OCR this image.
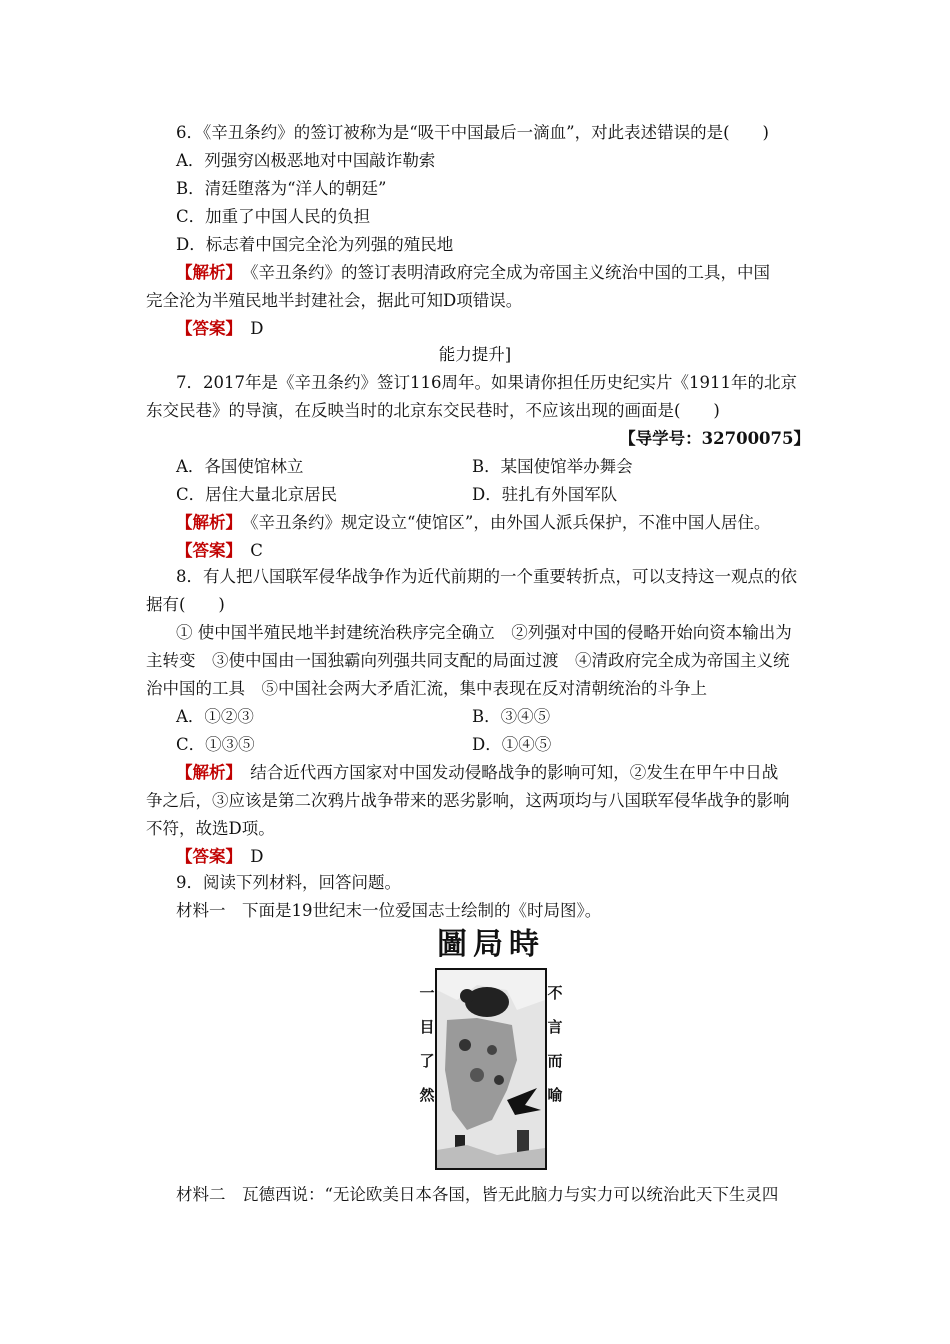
6．《辛丑条约》的签订被称为是“吸干中国最后一滴血”，对此表述错误的是(　　)
A．列强穷凶极恶地对中国敲诈勒索
B．清廷堕落为“洋人的朝廷”
C．加重了中国人民的负担
D．标志着中国完全沦为列强的殖民地
【解析】　《辛丑条约》的签订表明清政府完全成为帝国主义统治中国的工具，中国
完全沦为半殖民地半封建社会，据此可知D项错误。
【答案】　D
能力提升]
7．2017年是《辛丑条约》签订116周年。如果请你担任历史纪实片《1911年的北京
东交民巷》的导演，在反映当时的北京东交民巷时，不应该出现的画面是(　　)
【导学号：32700075】
A．各国使馆林立	B．某国使馆举办舞会
C．居住大量北京居民	D．驻扎有外国军队
【解析】　《辛丑条约》规定设立“使馆区”，由外国人派兵保护，不准中国人居住。
【答案】　C
8．有人把八国联军侵华战争作为近代前期的一个重要转折点，可以支持这一观点的依
据有(　　)
① 使中国半殖民地半封建统治秩序完全确立　②列强对中国的侵略开始向资本输出为
主转变　③使中国由一国独霸向列强共同支配的局面过渡　④清政府完全成为帝国主义统
治中国的工具　⑤中国社会两大矛盾汇流，集中表现在反对清朝统治的斗争上
A．①②③	B．③④⑤
C．①③⑤	D．①④⑤
【解析】　结合近代西方国家对中国发动侵略战争的影响可知，②发生在甲午中日战
争之后，③应该是第二次鸦片战争带来的恶劣影响，这两项均与八国联军侵华战争的影响
不符，故选D项。
【答案】　D
9．阅读下列材料，回答问题。
材料一　下面是19世纪末一位爱国志士绘制的《时局图》。
圖局時
一
目
了
然
不
言
而
喻
材料二　瓦德西说：“无论欧美日本各国，皆无此脑力与实力可以统治此天下生灵四
